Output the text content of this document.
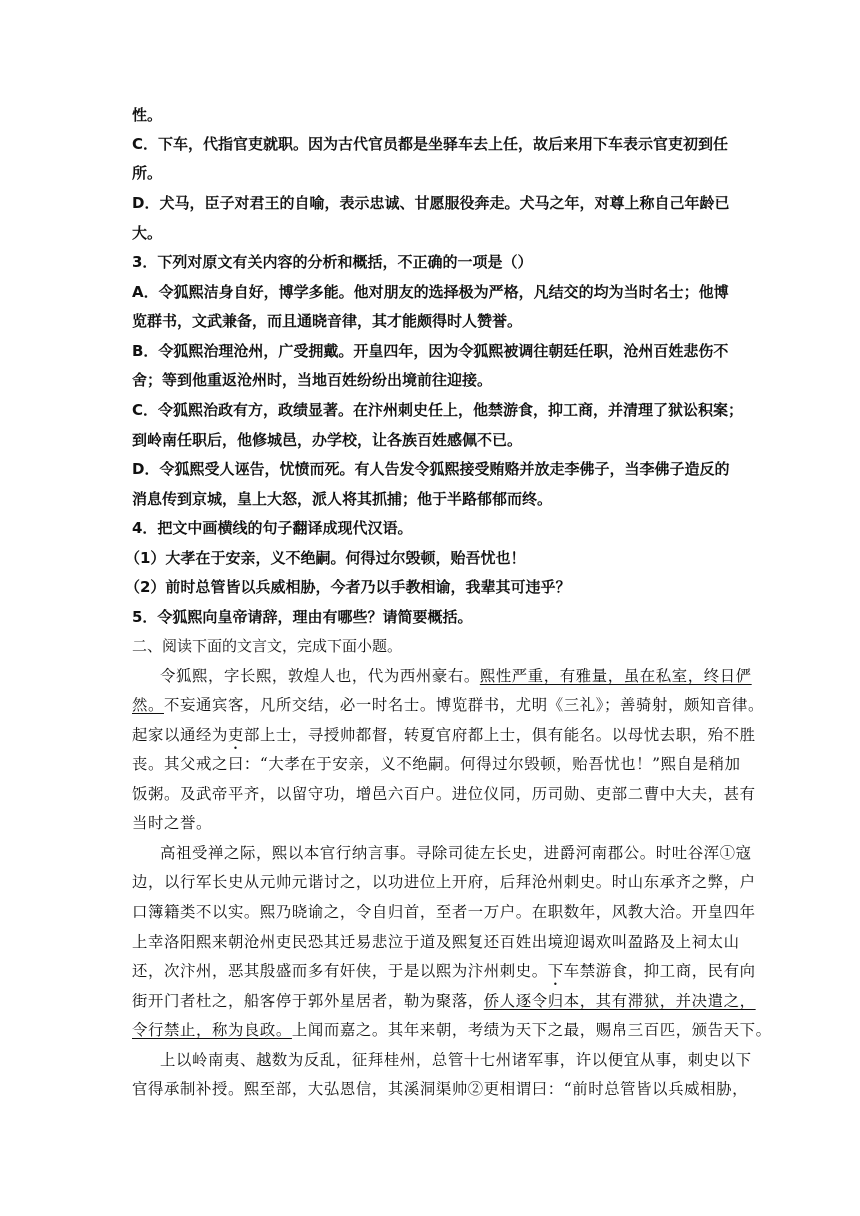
性。
C．下车，代指官吏就职。因为古代官员都是坐驿车去上任，故后来用下车表示官吏初到任
所。
D．犬马，臣子对君王的自喻，表示忠诚、甘愿服役奔走。犬马之年，对尊上称自己年龄已
大。
3．下列对原文有关内容的分析和概括，不正确的一项是（）
A．令狐熙洁身自好，博学多能。他对朋友的选择极为严格，凡结交的均为当时名士；他博
览群书，文武兼备，而且通晓音律，其才能颇得时人赞誉。
B．令狐熙治理沧州，广受拥戴。开皇四年，因为令狐熙被调往朝廷任职，沧州百姓悲伤不
舍；等到他重返沧州时，当地百姓纷纷出境前往迎接。
C．令狐熙治政有方，政绩显著。在汴州刺史任上，他禁游食，抑工商，并清理了狱讼积案；
到岭南任职后，他修城邑，办学校，让各族百姓感佩不已。
D．令狐熙受人诬告，忧愤而死。有人告发令狐熙接受贿赂并放走李佛子，当李佛子造反的
消息传到京城，皇上大怒，派人将其抓捕；他于半路郁郁而终。
4．把文中画横线的句子翻译成现代汉语。
（1）大孝在于安亲，义不绝嗣。何得过尔毁顿，贻吾忧也！
（2）前时总管皆以兵威相胁，今者乃以手教相谕，我辈其可违乎？
5．令狐熙向皇帝请辞，理由有哪些？请简要概括。
二、阅读下面的文言文，完成下面小题。
令狐熙，字长熙，敦煌人也，代为西州豪右。熙性严重，有雅量，虽在私室，终日俨
然。不妄通宾客，凡所交结，必一时名士。博览群书，尤明《三礼》；善骑射，颇知音律。
起家以通经为吏部上士，寻授帅都督，转夏官府都上士，俱有能名。以母忧去职，殆不胜
丧。其父戒之曰：“大孝在于安亲，义不绝嗣。何得过尔毁顿，贻吾忧也！”熙自是稍加
饭粥。及武帝平齐，以留守功，增邑六百户。进位仪同，历司勋、吏部二曹中大夫，甚有
当时之誉。
高祖受禅之际，熙以本官行纳言事。寻除司徒左长史，进爵河南郡公。时吐谷浑①寇
边，以行军长史从元帅元谐讨之，以功进位上开府，后拜沧州刺史。时山东承齐之弊，户
口簿籍类不以实。熙乃晓谕之，令自归首，至者一万户。在职数年，风教大洽。开皇四年
上幸洛阳熙来朝沧州吏民恐其迁易悲泣于道及熙复还百姓出境迎谒欢叫盈路及上祠太山
还，次汴州，恶其殷盛而多有奸侠，于是以熙为汴州刺史。下车禁游食，抑工商，民有向
街开门者杜之，船客停于郭外星居者，勒为聚落，侨人逐令归本，其有滞狱，并决遣之，
令行禁止，称为良政。上闻而嘉之。其年来朝，考绩为天下之最，赐帛三百匹，颁告天下。
上以岭南夷、越数为反乱，征拜桂州，总管十七州诸军事，许以便宜从事，刺史以下
官得承制补授。熙至部，大弘恩信，其溪洞渠帅②更相谓曰：“前时总管皆以兵威相胁，
